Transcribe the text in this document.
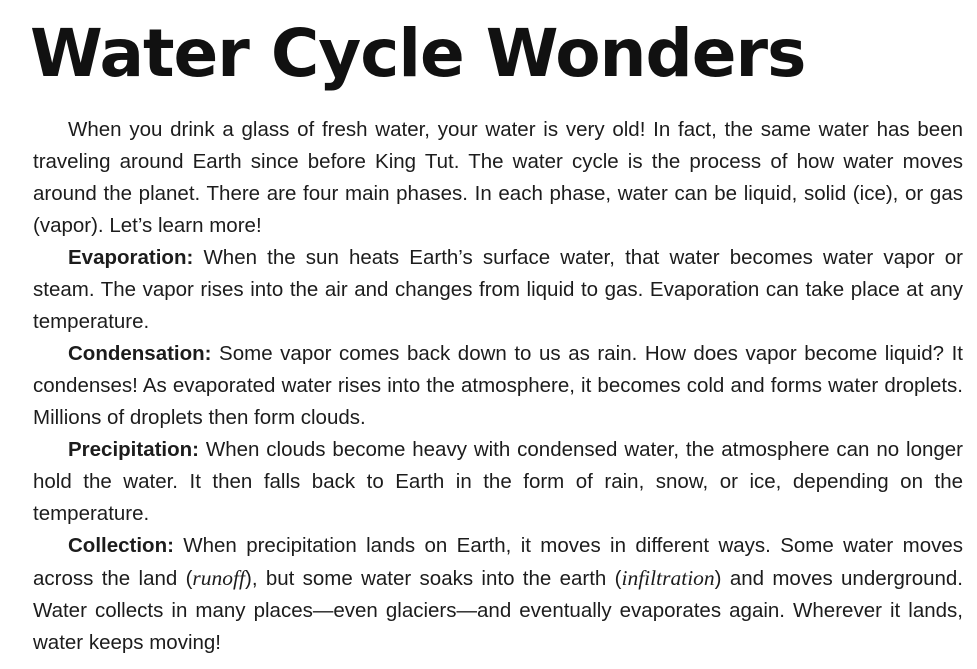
Water Cycle Wonders

When you drink a glass of fresh water, your water is very old! In fact, the same water has been traveling around Earth since before King Tut. The water cycle is the process of how water moves around the planet. There are four main phases. In each phase, water can be liquid, solid (ice), or gas (vapor). Let’s learn more!

Evaporation: When the sun heats Earth’s surface water, that water becomes water vapor or steam. The vapor rises into the air and changes from liquid to gas. Evaporation can take place at any temperature.

Condensation: Some vapor comes back down to us as rain. How does vapor become liquid? It condenses! As evaporated water rises into the atmosphere, it becomes cold and forms water droplets. Millions of droplets then form clouds.

Precipitation: When clouds become heavy with condensed water, the atmosphere can no longer hold the water. It then falls back to Earth in the form of rain, snow, or ice, depending on the temperature.

Collection: When precipitation lands on Earth, it moves in different ways. Some water moves across the land (runoff), but some water soaks into the earth (infiltration) and moves underground. Water collects in many places—even glaciers—and eventually evaporates again. Wherever it lands, water keeps moving!
